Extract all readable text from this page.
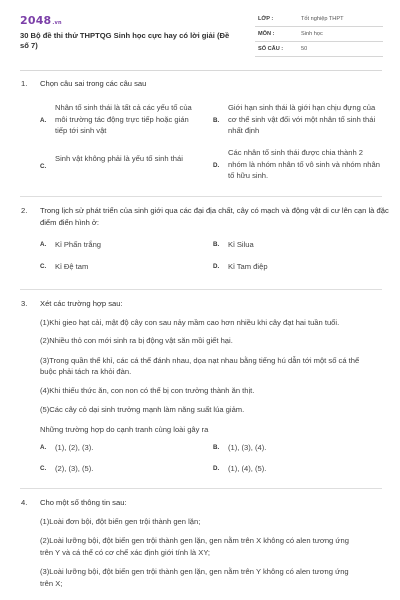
2048.vn
30 Bộ đề thi thử THPTQG Sinh học cực hay có lời giải (Đề số 7)
LỚP :	Tốt nghiệp THPT
MÔN :	Sinh học
SỐ CÂU :	50
1. Chọn câu sai trong các câu sau
A.
Nhân tố sinh thái là tất cả các yếu tố của môi trường tác động trực tiếp hoặc gián tiếp tới sinh vật
B.
Giới hạn sinh thái là giới hạn chịu đựng của cơ thể sinh vật đối với một nhân tố sinh thái nhất định
C.
Sinh vật không phải là yếu tố sinh thái
D.
Các nhân tố sinh thái được chia thành 2 nhóm là nhóm nhân tố vô sinh và nhóm nhân tố hữu sinh.
2. Trong lịch sử phát triển của sinh giới qua các đại địa chất, cây có mạch và động vật di cư lên cạn là đặc điểm điển hình ở:
A. Kỉ Phấn trắng	B. Kỉ Silua
C. Kỉ Đệ tam	D. Kỉ Tam điệp
3. Xét các trường hợp sau:

(1)Khi gieo hạt cải, mật độ cây con sau nảy mầm cao hơn nhiều khi cây đạt hai tuần tuổi.

(2)Nhiều thỏ con mới sinh ra bị động vật săn mồi giết hại.

(3)Trong quần thể khỉ, các cá thể đánh nhau, dọa nạt nhau bằng tiếng hú dẫn tới một số cá thể buộc phải tách ra khỏi đàn.

(4)Khi thiếu thức ăn, con non có thể bị con trưởng thành ăn thịt.

(5)Các cây cỏ dại sinh trưởng mạnh làm năng suất lúa giảm.

Những trường hợp do cạnh tranh cùng loài gây ra

A. (1), (2), (3).	B. (1), (3), (4).
C. (2), (3), (5).	D. (1), (4), (5).
4. Cho một số thông tin sau:

(1)Loài đơn bội, đột biến gen trội thành gen lặn;

(2)Loài lưỡng bội, đột biến gen trội thành gen lặn, gen nằm trên X không có alen tương ứng trên Y và cá thể có cơ chế xác định giới tính là XY;

(3)Loài lưỡng bội, đột biến gen trội thành gen lặn, gen nằm trên Y không có alen tương ứng trên X;
